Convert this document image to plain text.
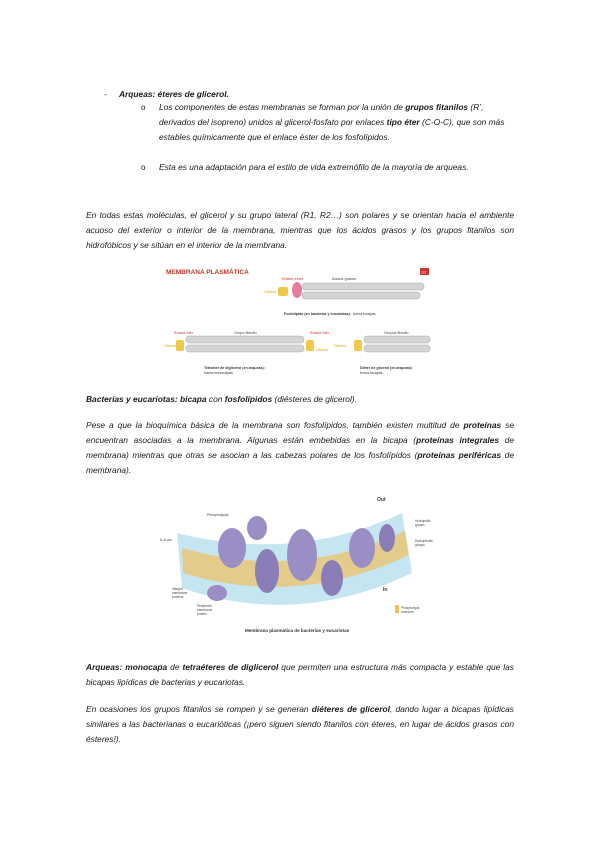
- Arqueas: éteres de glicerol.
o Los componentes de estas membranas se forman por la unión de grupos fitanilos (R’, derivados del isopreno) unidos al glicerol-fosfato por enlaces tipo éter (C-O-C), que son más estables químicamente que el enlace éster de los fosfolípidos.
o Esta es una adaptación para el estilo de vida extremófilo de la mayoría de arqueas.
En todas estas moléculas, el glicerol y su grupo lateral (R1, R2…) son polares y se orientan hacia el ambiente acuoso del exterior o interior de la membrana, mientras que los ácidos grasos y los grupos fitanilos son hidrofóbicos y se sitúan en el interior de la membrana.
MEMBRANA PLASMÁTICA	cm
Enlace éster	Ácidos grasos
Glicerol
Fosfolípido (en bacterias y eucariotas): forma bicapas
Enlace éter	Grupo fitanilo
Glicerol
Enlace éter
Glicerol
Tetraéter de diglicerol (en arqueas): forma monocapas
Grupos fitanilo
Glicerol
Diéter de glicerol (en arqueas): forma bicapas
Bacterias y eucariotas: bicapa con fosfolípidos (diésteres de glicerol).
Pese a que la bioquímica básica de la membrana son fosfolípidos, también existen multitud de proteínas se encuentran asociadas a la membrana. Algunas están embebidas en la bicapa (proteínas integrales de membrana) mientras que otras se asocian a las cabezas polares de los fosfolípidos (proteínas periféricas de membrana).
Out
In
Phospholipids
6–8 nm
Hydrophilic groups
Hydrophobic groups
Integral membrane proteins
Peripheral membrane protein
Phospholipid molecule
Membrana plasmática de bacterias y eucariotas
Arqueas: monocapa de tetraéteres de diglicerol que permiten una estructura más compacta y estable que las bicapas lipídicas de bacterias y eucariotas.
En ocasiones los grupos fitanilos se rompen y se generan diéteres de glicerol, dando lugar a bicapas lipídicas similares a las bacterianas o eucarióticas (¡pero siguen siendo fitanilos con éteres, en lugar de ácidos grasos con ésteres!).
